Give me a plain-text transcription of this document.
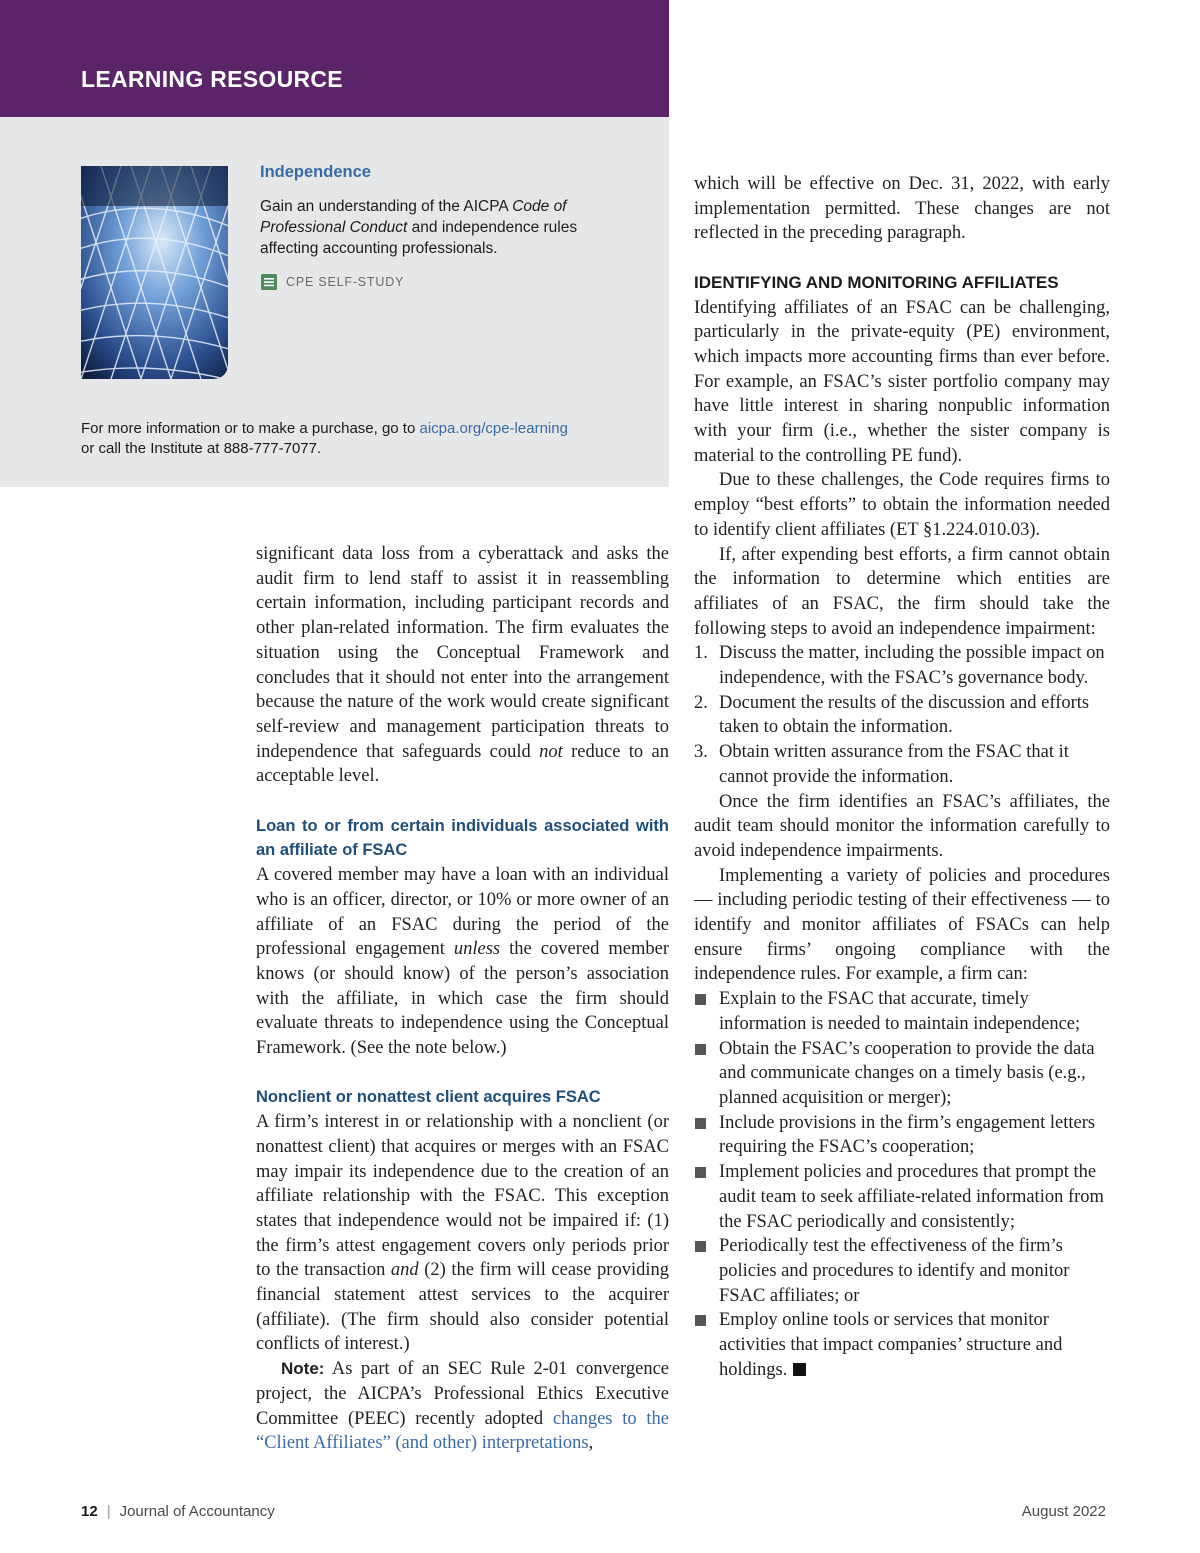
LEARNING RESOURCE
Independence
Gain an understanding of the AICPA Code of Professional Conduct and independence rules affecting accounting professionals.
CPE SELF-STUDY
For more information or to make a purchase, go to aicpa.org/cpe-learning
or call the Institute at 888-777-7077.

significant data loss from a cyberattack and asks the audit firm to lend staff to assist it in reassembling certain information, including participant records and other plan-related information. The firm evaluates the situation using the Conceptual Framework and concludes that it should not enter into the arrangement because the nature of the work would create significant self-review and management participation threats to independence that safeguards could not reduce to an acceptable level.

Loan to or from certain individuals associated with an affiliate of FSAC

A covered member may have a loan with an individual who is an officer, director, or 10% or more owner of an affiliate of an FSAC during the period of the professional engagement unless the covered member knows (or should know) of the person’s association with the affiliate, in which case the firm should evaluate threats to independence using the Conceptual Framework. (See the note below.)

Nonclient or nonattest client acquires FSAC

A firm’s interest in or relationship with a nonclient (or nonattest client) that acquires or merges with an FSAC may impair its independence due to the creation of an affiliate relationship with the FSAC. This exception states that independence would not be impaired if: (1) the firm’s attest engagement covers only periods prior to the transaction and (2) the firm will cease providing financial statement attest services to the acquirer (affiliate). (The firm should also consider potential conflicts of interest.)

Note: As part of an SEC Rule 2-01 convergence project, the AICPA’s Professional Ethics Executive Committee (PEEC) recently adopted changes to the “Client Affiliates” (and other) interpretations,

which will be effective on Dec. 31, 2022, with early implementation permitted. These changes are not reflected in the preceding paragraph.

IDENTIFYING AND MONITORING AFFILIATES

Identifying affiliates of an FSAC can be challenging, particularly in the private-equity (PE) environment, which impacts more accounting firms than ever before. For example, an FSAC’s sister portfolio company may have little interest in sharing nonpublic information with your firm (i.e., whether the sister company is material to the controlling PE fund).

Due to these challenges, the Code requires firms to employ “best efforts” to obtain the information needed to identify client affiliates (ET §1.224.010.03).

If, after expending best efforts, a firm cannot obtain the information to determine which entities are affiliates of an FSAC, the firm should take the following steps to avoid an independence impairment:

1. Discuss the matter, including the possible impact on independence, with the FSAC’s governance body.
2. Document the results of the discussion and efforts taken to obtain the information.
3. Obtain written assurance from the FSAC that it cannot provide the information.

Once the firm identifies an FSAC’s affiliates, the audit team should monitor the information carefully to avoid independence impairments.

Implementing a variety of policies and procedures — including periodic testing of their effectiveness — to identify and monitor affiliates of FSACs can help ensure firms’ ongoing compliance with the independence rules. For example, a firm can:

Explain to the FSAC that accurate, timely information is needed to maintain independence;
Obtain the FSAC’s cooperation to provide the data and communicate changes on a timely basis (e.g., planned acquisition or merger);
Include provisions in the firm’s engagement letters requiring the FSAC’s cooperation;
Implement policies and procedures that prompt the audit team to seek affiliate-related information from the FSAC periodically and consistently;
Periodically test the effectiveness of the firm’s policies and procedures to identify and monitor FSAC affiliates; or
Employ online tools or services that monitor activities that impact companies’ structure and holdings.
12 | Journal of Accountancy	August 2022
